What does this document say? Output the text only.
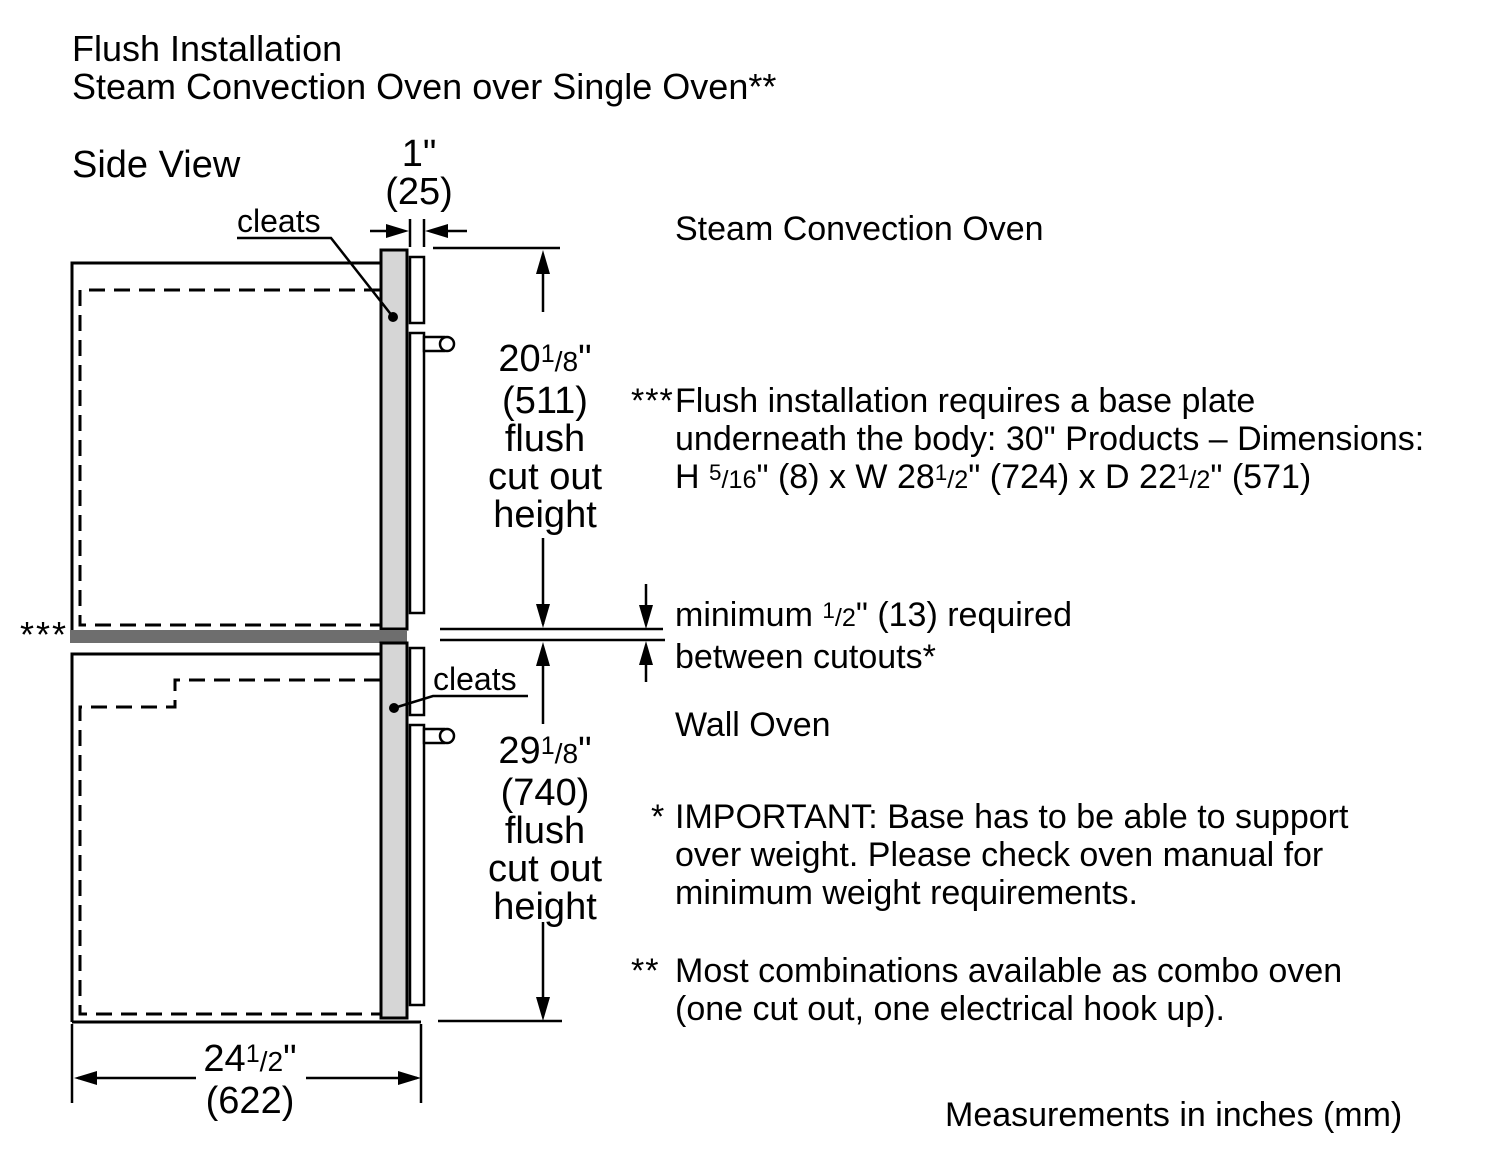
Flush Installation
Steam Convection Oven over Single Oven**
Side View
cleats
1"
(25)
Steam Convection Oven
$20^1/8$"
(511)
flush
cut out
height
*** Flush installation requires a base plate
underneath the body: 30" Products – Dimensions:
H $^5$/16" (8) x W $28^1/2$" (724) x D $22^1/2$" (571)
minimum $^1$/2" (13) required
between cutouts*
cleats
Wall Oven
$29^1/8$"
(740)
flush
cut out
height
* IMPORTANT: Base has to be able to support
over weight. Please check oven manual for
minimum weight requirements.
** Most combinations available as combo oven
(one cut out, one electrical hook up).
$24^1/2$"
(622)
***
Measurements in inches (mm)
